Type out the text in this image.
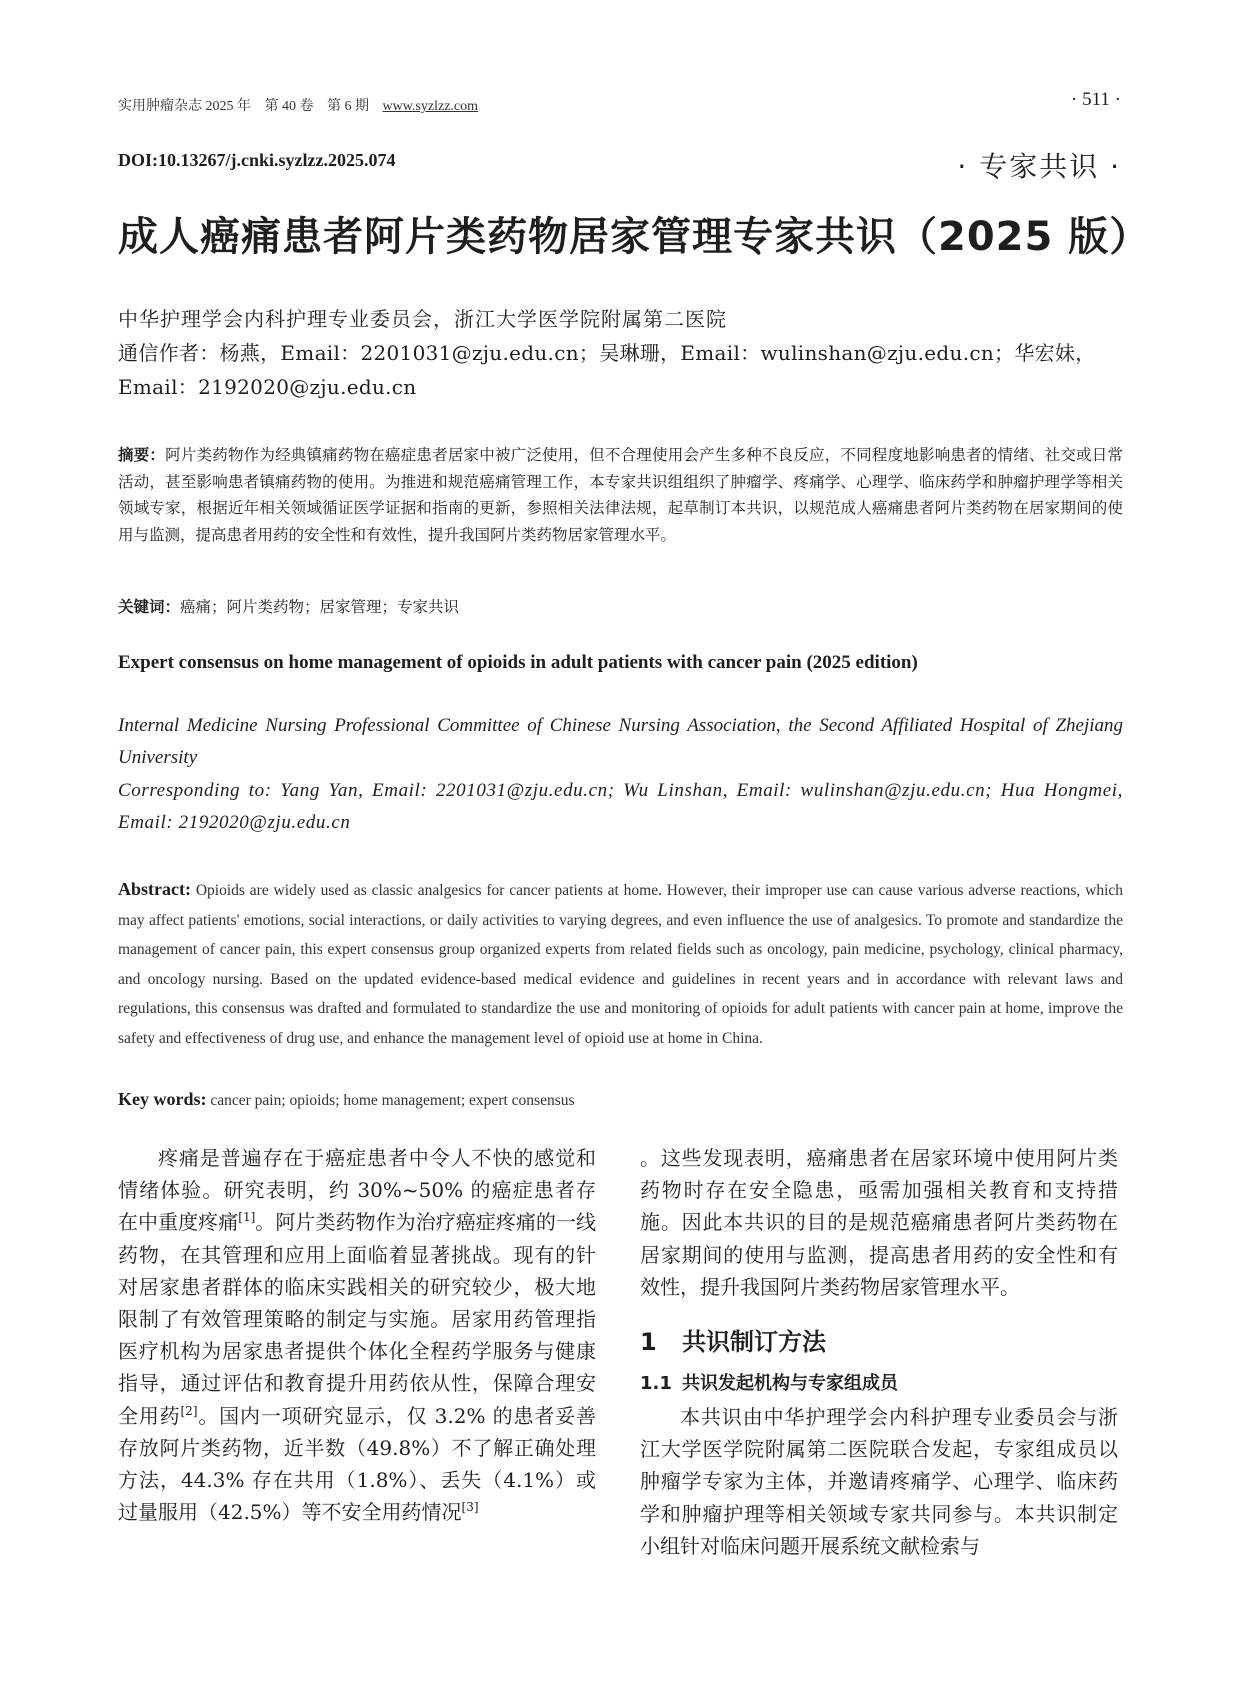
实用肿瘤杂志 2025 年 第 40 卷 第 6 期 www.syzlzz.com	· 511 ·
DOI:10.13267/j.cnki.syzlzz.2025.074	· 专家共识 ·
成人癌痛患者阿片类药物居家管理专家共识（2025 版）
中华护理学会内科护理专业委员会，浙江大学医学院附属第二医院
通信作者：杨燕，Email：2201031@zju.edu.cn；吴琳珊，Email：wulinshan@zju.edu.cn；华宏妹，Email：2192020@zju.edu.cn
摘要：阿片类药物作为经典镇痛药物在癌症患者居家中被广泛使用，但不合理使用会产生多种不良反应，不同程度地影响患者的情绪、社交或日常活动，甚至影响患者镇痛药物的使用。为推进和规范癌痛管理工作，本专家共识组组织了肿瘤学、疼痛学、心理学、临床药学和肿瘤护理学等相关领域专家，根据近年相关领域循证医学证据和指南的更新，参照相关法律法规，起草制订本共识，以规范成人癌痛患者阿片类药物在居家期间的使用与监测，提高患者用药的安全性和有效性，提升我国阿片类药物居家管理水平。
关键词：癌痛；阿片类药物；居家管理；专家共识
Expert consensus on home management of opioids in adult patients with cancer pain (2025 edition)
Internal Medicine Nursing Professional Committee of Chinese Nursing Association, the Second Affiliated Hospital of Zhejiang University
Corresponding to: Yang Yan, Email: 2201031@zju.edu.cn; Wu Linshan, Email: wulinshan@zju.edu.cn; Hua Hongmei, Email: 2192020@zju.edu.cn
Abstract: Opioids are widely used as classic analgesics for cancer patients at home. However, their improper use can cause various adverse reactions, which may affect patients' emotions, social interactions, or daily activities to varying degrees, and even influence the use of analgesics. To promote and standardize the management of cancer pain, this expert consensus group organized experts from related fields such as oncology, pain medicine, psychology, clinical pharmacy, and oncology nursing. Based on the updated evidence-based medical evidence and guidelines in recent years and in accordance with relevant laws and regulations, this consensus was drafted and formulated to standardize the use and monitoring of opioids for adult patients with cancer pain at home, improve the safety and effectiveness of drug use, and enhance the management level of opioid use at home in China.
Key words: cancer pain; opioids; home management; expert consensus

疼痛是普遍存在于癌症患者中令人不快的感觉和情绪体验。研究表明，约 30%~50% 的癌症患者存在中重度疼痛[1]。阿片类药物作为治疗癌症疼痛的一线药物，在其管理和应用上面临着显著挑战。现有的针对居家患者群体的临床实践相关的研究较少，极大地限制了有效管理策略的制定与实施。居家用药管理指医疗机构为居家患者提供个体化全程药学服务与健康指导，通过评估和教育提升用药依从性，保障合理安全用药[2]。国内一项研究显示，仅 3.2% 的患者妥善存放阿片类药物，近半数（49.8%）不了解正确处理方法，44.3% 存在共用（1.8%）、丢失（4.1%）或过量服用（42.5%）等不安全用药情况[3]

。这些发现表明，癌痛患者在居家环境中使用阿片类药物时存在安全隐患，亟需加强相关教育和支持措施。因此本共识的目的是规范癌痛患者阿片类药物在居家期间的使用与监测，提高患者用药的安全性和有效性，提升我国阿片类药物居家管理水平。

1 共识制订方法
1.1 共识发起机构与专家组成员

本共识由中华护理学会内科护理专业委员会与浙江大学医学院附属第二医院联合发起，专家组成员以肿瘤学专家为主体，并邀请疼痛学、心理学、临床药学和肿瘤护理等相关领域专家共同参与。本共识制定小组针对临床问题开展系统文献检索与
